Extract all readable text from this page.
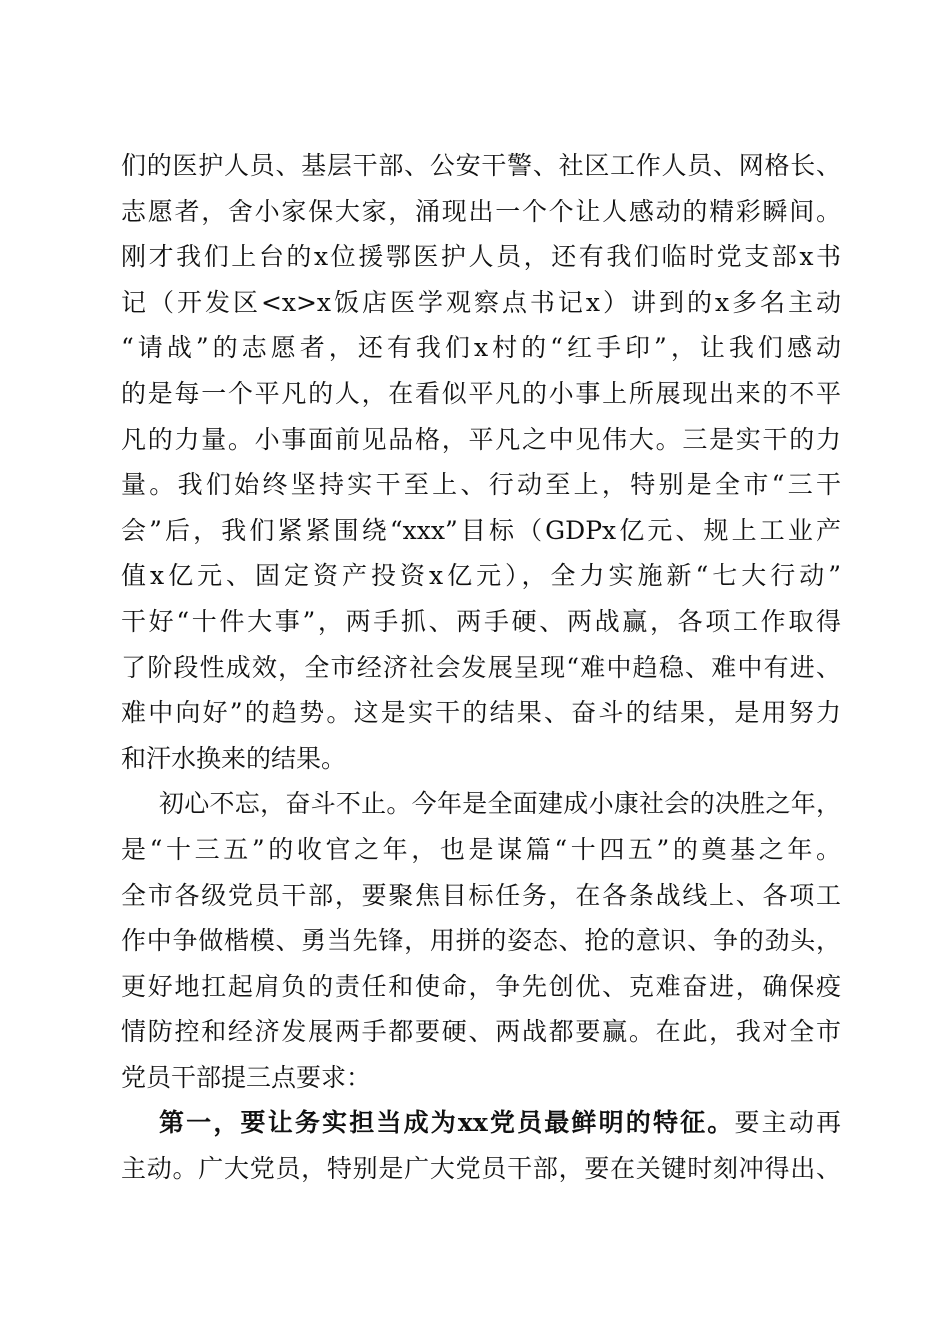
们的医护人员、基层干部、公安干警、社区工作人员、网格长、
志愿者，舍小家保大家，涌现出一个个让人感动的精彩瞬间。
刚才我们上台的x位援鄂医护人员，还有我们临时党支部x书
记（开发区<x>x饭店医学观察点书记x）讲到的x多名主动
“请战”的志愿者，还有我们x村的“红手印”，让我们感动
的是每一个平凡的人，在看似平凡的小事上所展现出来的不平
凡的力量。小事面前见品格，平凡之中见伟大。三是实干的力
量。我们始终坚持实干至上、行动至上，特别是全市“三干
会”后，我们紧紧围绕“xxx”目标（GDPx亿元、规上工业产
值x亿元、固定资产投资x亿元），全力实施新“七大行动”
干好“十件大事”，两手抓、两手硬、两战赢，各项工作取得
了阶段性成效，全市经济社会发展呈现“难中趋稳、难中有进、
难中向好”的趋势。这是实干的结果、奋斗的结果，是用努力
和汗水换来的结果。
初心不忘，奋斗不止。今年是全面建成小康社会的决胜之年，
是“十三五”的收官之年，也是谋篇“十四五”的奠基之年。
全市各级党员干部，要聚焦目标任务，在各条战线上、各项工
作中争做楷模、勇当先锋，用拼的姿态、抢的意识、争的劲头，
更好地扛起肩负的责任和使命，争先创优、克难奋进，确保疫
情防控和经济发展两手都要硬、两战都要赢。在此，我对全市
党员干部提三点要求：
第一，要让务实担当成为xx党员最鲜明的特征。要主动再
主动。广大党员，特别是广大党员干部，要在关键时刻冲得出、
